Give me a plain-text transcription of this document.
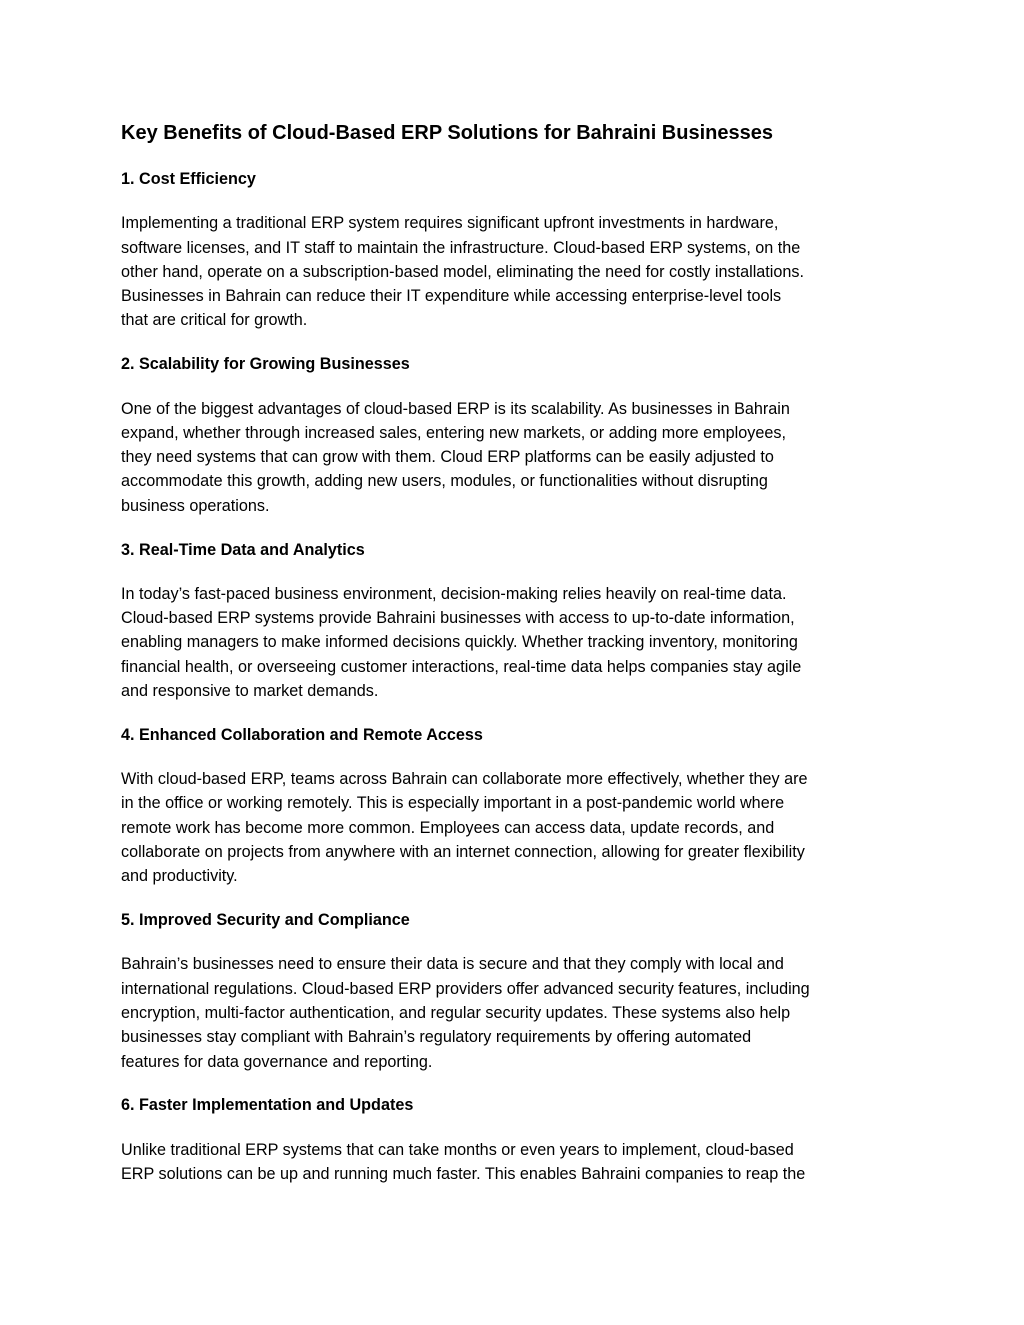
Key Benefits of Cloud-Based ERP Solutions for Bahraini Businesses
1. Cost Efficiency

Implementing a traditional ERP system requires significant upfront investments in hardware,
software licenses, and IT staff to maintain the infrastructure. Cloud-based ERP systems, on the
other hand, operate on a subscription-based model, eliminating the need for costly installations.
Businesses in Bahrain can reduce their IT expenditure while accessing enterprise-level tools
that are critical for growth.

2. Scalability for Growing Businesses

One of the biggest advantages of cloud-based ERP is its scalability. As businesses in Bahrain
expand, whether through increased sales, entering new markets, or adding more employees,
they need systems that can grow with them. Cloud ERP platforms can be easily adjusted to
accommodate this growth, adding new users, modules, or functionalities without disrupting
business operations.

3. Real-Time Data and Analytics

In today’s fast-paced business environment, decision-making relies heavily on real-time data.
Cloud-based ERP systems provide Bahraini businesses with access to up-to-date information,
enabling managers to make informed decisions quickly. Whether tracking inventory, monitoring
financial health, or overseeing customer interactions, real-time data helps companies stay agile
and responsive to market demands.

4. Enhanced Collaboration and Remote Access

With cloud-based ERP, teams across Bahrain can collaborate more effectively, whether they are
in the office or working remotely. This is especially important in a post-pandemic world where
remote work has become more common. Employees can access data, update records, and
collaborate on projects from anywhere with an internet connection, allowing for greater flexibility
and productivity.

5. Improved Security and Compliance

Bahrain’s businesses need to ensure their data is secure and that they comply with local and
international regulations. Cloud-based ERP providers offer advanced security features, including
encryption, multi-factor authentication, and regular security updates. These systems also help
businesses stay compliant with Bahrain’s regulatory requirements by offering automated
features for data governance and reporting.

6. Faster Implementation and Updates

Unlike traditional ERP systems that can take months or even years to implement, cloud-based
ERP solutions can be up and running much faster. This enables Bahraini companies to reap the
